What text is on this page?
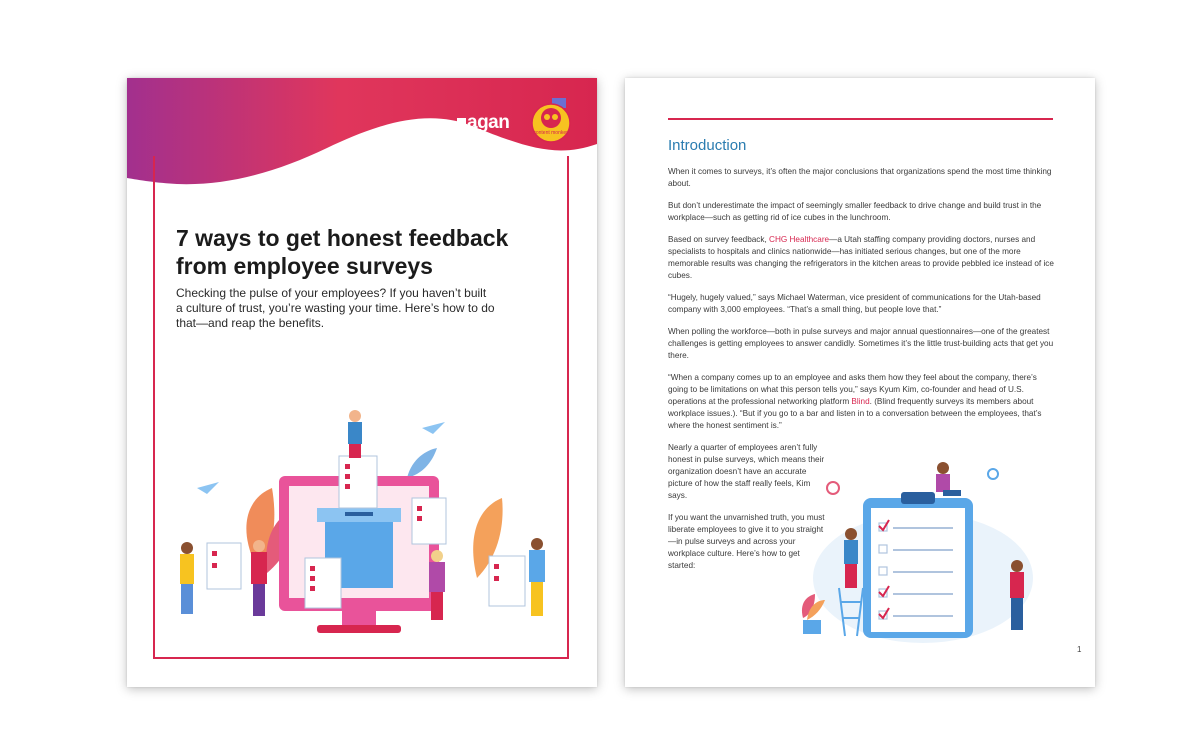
agan	content monkey
7 ways to get honest feedback from employee surveys

Checking the pulse of your employees? If you haven’t built a culture of trust, you’re wasting your time. Here’s how to do that—and reap the benefits.

Introduction

When it comes to surveys, it’s often the major conclusions that organizations spend the most time thinking about.

But don’t underestimate the impact of seemingly smaller feedback to drive change and build trust in the workplace—such as getting rid of ice cubes in the lunchroom.

Based on survey feedback, CHG Healthcare—a Utah staffing company providing doctors, nurses and specialists to hospitals and clinics nationwide—has initiated serious changes, but one of the more memorable results was changing the refrigerators in the kitchen areas to provide pebbled ice instead of ice cubes.

“Hugely, hugely valued,” says Michael Waterman, vice president of communications for the Utah-based company with 3,000 employees. “That’s a small thing, but people love that.”

When polling the workforce—both in pulse surveys and major annual questionnaires—one of the greatest challenges is getting employees to answer candidly. Sometimes it’s the little trust-building acts that get you there.

“When a company comes up to an employee and asks them how they feel about the company, there’s going to be limitations on what this person tells you,” says Kyum Kim, co-founder and head of U.S. operations at the professional networking platform Blind. (Blind frequently surveys its members about workplace issues.). “But if you go to a bar and listen in to a conversation between the employees, that’s where the honest sentiment is.”

Nearly a quarter of employees aren’t fully honest in pulse surveys, which means their organization doesn’t have an accurate picture of how the staff really feels, Kim says.

If you want the unvarnished truth, you must liberate employees to give it to you straight—in pulse surveys and across your workplace culture. Here’s how to get started:

1
